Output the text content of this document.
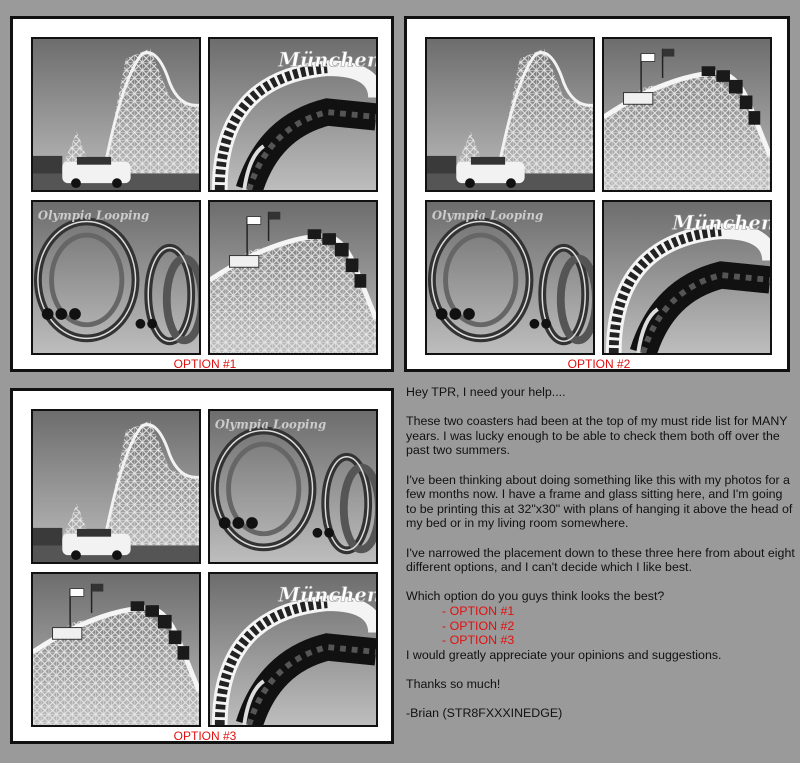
OPTION #1	OPTION #2
OPTION #3

Hey TPR, I need your help....

These two coasters had been at the top of my must ride list for MANY years. I was lucky enough to be able to check them both off over the past two summers.

I've been thinking about doing something like this with my photos for a few months now. I have a frame and glass sitting here, and I'm going to be printing this at 32"x30" with plans of hanging it above the head of my bed or in my living room somewhere.

I've narrowed the placement down to these three here from about eight different options, and I can't decide which I like best.

Which option do you guys think looks the best?

- OPTION #1

- OPTION #2

- OPTION #3

I would greatly appreciate your opinions and suggestions.

Thanks so much!

-Brian (STR8FXXXINEDGE)
